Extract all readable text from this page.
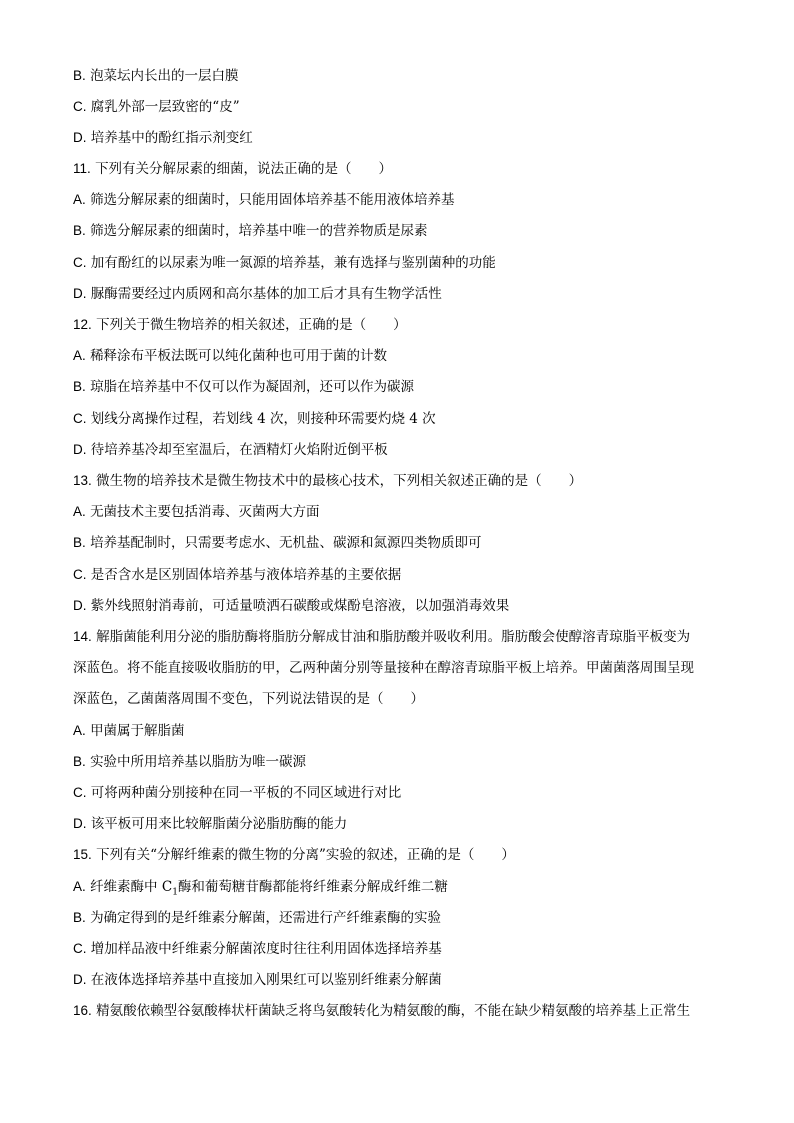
B. 泡菜坛内长出的一层白膜
C. 腐乳外部一层致密的“皮”
D. 培养基中的酚红指示剂变红
11. 下列有关分解尿素的细菌，说法正确的是（　　）
A. 筛选分解尿素的细菌时，只能用固体培养基不能用液体培养基
B. 筛选分解尿素的细菌时，培养基中唯一的营养物质是尿素
C. 加有酚红的以尿素为唯一氮源的培养基，兼有选择与鉴别菌种的功能
D. 脲酶需要经过内质网和高尔基体的加工后才具有生物学活性
12. 下列关于微生物培养的相关叙述，正确的是（　　）
A. 稀释涂布平板法既可以纯化菌种也可用于菌的计数
B. 琼脂在培养基中不仅可以作为凝固剂，还可以作为碳源
C. 划线分离操作过程，若划线 4 次，则接种环需要灼烧 4 次
D. 待培养基冷却至室温后，在酒精灯火焰附近倒平板
13. 微生物的培养技术是微生物技术中的最核心技术，下列相关叙述正确的是（　　）
A. 无菌技术主要包括消毒、灭菌两大方面
B. 培养基配制时，只需要考虑水、无机盐、碳源和氮源四类物质即可
C. 是否含水是区别固体培养基与液体培养基的主要依据
D. 紫外线照射消毒前，可适量喷洒石碳酸或煤酚皂溶液，以加强消毒效果
14. 解脂菌能利用分泌的脂肪酶将脂肪分解成甘油和脂肪酸并吸收利用。脂肪酸会使醇溶青琼脂平板变为
深蓝色。将不能直接吸收脂肪的甲，乙两种菌分别等量接种在醇溶青琼脂平板上培养。甲菌菌落周围呈现
深蓝色，乙菌菌落周围不变色，下列说法错误的是（　　）
A. 甲菌属于解脂菌
B. 实验中所用培养基以脂肪为唯一碳源
C. 可将两种菌分别接种在同一平板的不同区域进行对比
D. 该平板可用来比较解脂菌分泌脂肪酶的能力
15. 下列有关“分解纤维素的微生物的分离”实验的叙述，正确的是（　　）
A. 纤维素酶中 $C_1$酶和葡萄糖苷酶都能将纤维素分解成纤维二糖
B. 为确定得到的是纤维素分解菌，还需进行产纤维素酶的实验
C. 增加样品液中纤维素分解菌浓度时往往利用固体选择培养基
D. 在液体选择培养基中直接加入刚果红可以鉴别纤维素分解菌
16. 精氨酸依赖型谷氨酸棒状杆菌缺乏将鸟氨酸转化为精氨酸的酶，不能在缺少精氨酸的培养基上正常生
